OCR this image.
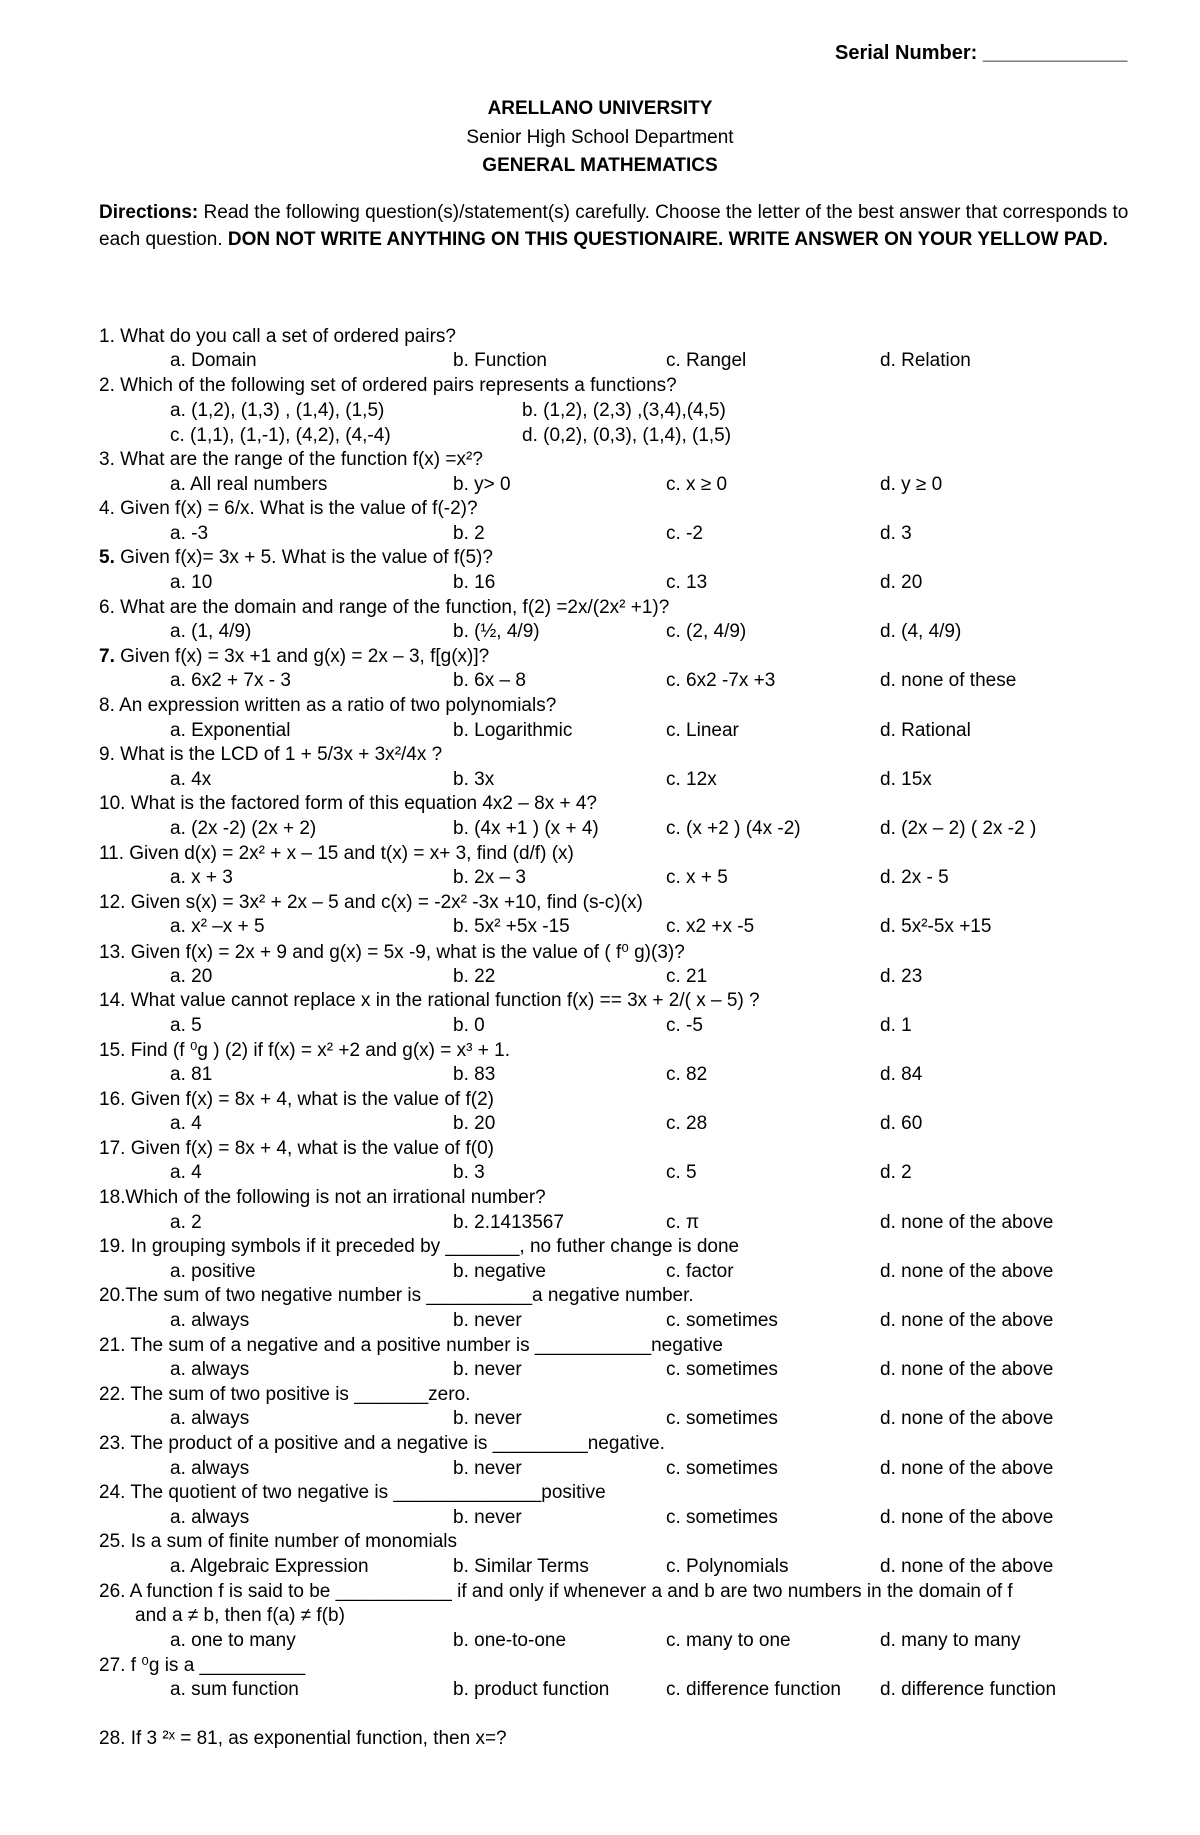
Serial Number: _____________
ARELLANO UNIVERSITY
Senior High School Department
GENERAL MATHEMATICS
Directions: Read the following question(s)/statement(s) carefully. Choose the letter of the best answer that corresponds to each question. DON NOT WRITE ANYTHING ON THIS QUESTIONAIRE. WRITE ANSWER ON YOUR YELLOW PAD.
1. What do you call a set of ordered pairs?
a. Domain	b. Function	c. Rangel	d. Relation
2. Which of the following set of ordered pairs represents a functions?
a. (1,2), (1,3) , (1,4), (1,5)	b. (1,2), (2,3) ,(3,4),(4,5)
c. (1,1), (1,-1), (4,2), (4,-4)	d. (0,2), (0,3), (1,4), (1,5)
3. What are the range of the function f(x) =x²?
a. All real numbers	b. y> 0	c. x ≥ 0	d. y ≥ 0
4. Given f(x) = 6/x. What is the value of f(-2)?
a. -3	b. 2	c. -2	d. 3
5. Given f(x)= 3x + 5. What is the value of f(5)?
a. 10	b. 16	c. 13	d. 20
6. What are the domain and range of the function, f(2) =2x/(2x² +1)?
a. (1, 4/9)	b. (½, 4/9)	c. (2, 4/9)	d. (4, 4/9)
7. Given f(x) = 3x +1 and g(x) = 2x – 3, f[g(x)]?
a. 6x2 + 7x - 3	b. 6x – 8	c. 6x2 -7x +3	d. none of these
8. An expression written as a ratio of two polynomials?
a. Exponential	b. Logarithmic	c. Linear	d. Rational
9. What is the LCD of 1 + 5/3x + 3x²/4x ?
a. 4x	b. 3x	c. 12x	d. 15x
10. What is the factored form of this equation 4x2 – 8x + 4?
a. (2x -2) (2x + 2)	b. (4x +1 ) (x + 4)	c. (x +2 ) (4x -2)	d. (2x – 2) ( 2x -2 )
11. Given d(x) = 2x² + x – 15 and t(x) = x+ 3, find (d/f) (x)
a. x + 3	b. 2x – 3	c. x + 5	d. 2x - 5
12. Given s(x) = 3x² + 2x – 5 and c(x) = -2x² -3x +10, find (s-c)(x)
a. x² –x + 5	b. 5x² +5x -15	c. x2 +x -5	d. 5x²-5x +15
13. Given f(x) = 2x + 9 and g(x) = 5x -9, what is the value of ( f⁰ g)(3)?
a. 20	b. 22	c. 21	d. 23
14. What value cannot replace x in the rational function f(x) == 3x + 2/( x – 5) ?
a. 5	b. 0	c. -5	d. 1
15. Find (f ⁰g ) (2) if f(x) = x² +2 and g(x) = x³ + 1.
a. 81	b. 83	c. 82	d. 84
16. Given f(x) = 8x + 4, what is the value of f(2)
a. 4	b. 20	c. 28	d. 60
17. Given f(x) = 8x + 4, what is the value of f(0)
a. 4	b. 3	c. 5	d. 2
18.Which of the following is not an irrational number?
a. 2	b. 2.1413567	c. π	d. none of the above
19. In grouping symbols if it preceded by _______, no futher change is done
a. positive	b. negative	c. factor	d. none of the above
20.The sum of two negative number is __________a negative number.
a. always	b. never	c. sometimes	d. none of the above
21. The sum of a negative and a positive number is ___________negative
a. always	b. never	c. sometimes	d. none of the above
22. The sum of two positive is _______zero.
a. always	b. never	c. sometimes	d. none of the above
23. The product of a positive and a negative is _________negative.
a. always	b. never	c. sometimes	d. none of the above
24. The quotient of two negative is ______________positive
a. always	b. never	c. sometimes	d. none of the above
25. Is a sum of finite number of monomials
a. Algebraic Expression	b. Similar Terms	c. Polynomials	d. none of the above
26. A function f is said to be ___________ if and only if whenever a and b are two numbers in the domain of f
and a ≠ b, then f(a) ≠ f(b)
a. one to many	b. one-to-one	c. many to one	d. many to many
27. f ⁰g is a __________
a. sum function	b. product function	c. difference function d. difference function
28. If 3 ²ˣ = 81, as exponential function, then x=?
